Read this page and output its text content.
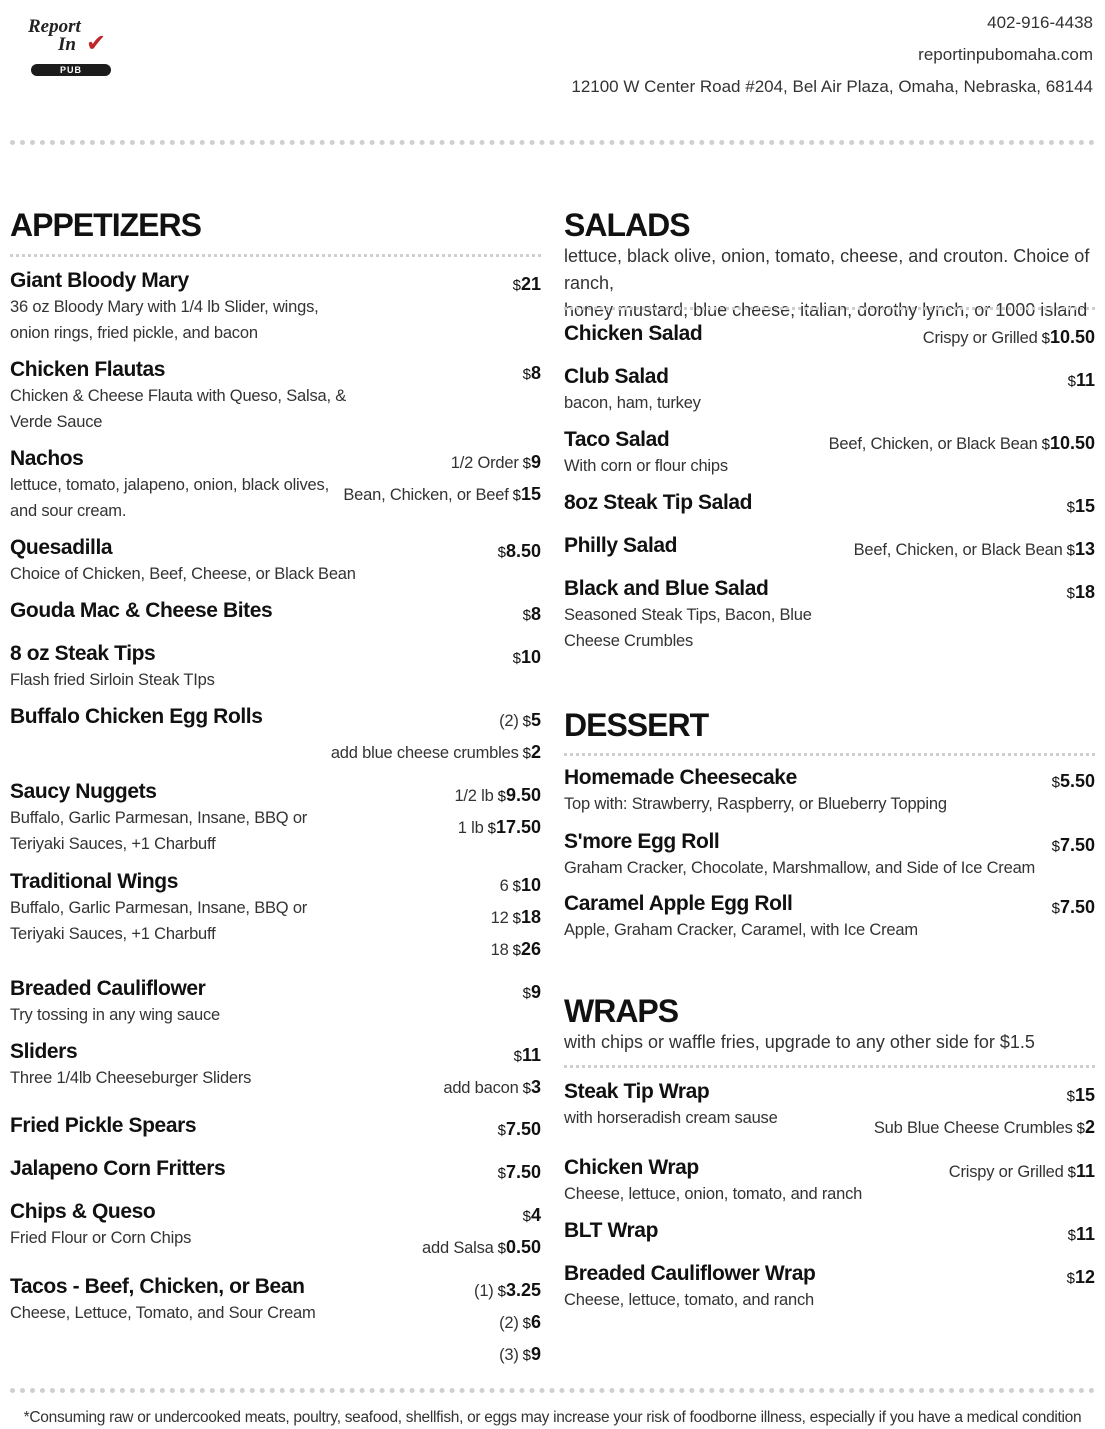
Report
In ✔
PUB
402-916-4438
reportinpubomaha.com
12100 W Center Road #204, Bel Air Plaza, Omaha, Nebraska, 68144
APPETIZERS
Giant Bloody Mary
36 oz Bloody Mary with 1/4 lb Slider, wings,
onion rings, fried pickle, and bacon
$21
Chicken Flautas
Chicken & Cheese Flauta with Queso, Salsa, &
Verde Sauce
$8
Nachos
lettuce, tomato, jalapeno, onion, black olives,
and sour cream.
1/2 Order $9
Bean, Chicken, or Beef $15
Quesadilla
Choice of Chicken, Beef, Cheese, or Black Bean
$8.50
Gouda Mac & Cheese Bites	$8
8 oz Steak Tips
Flash fried Sirloin Steak TIps
$10
Buffalo Chicken Egg Rolls	(2) $5
add blue cheese crumbles $2
Saucy Nuggets
Buffalo, Garlic Parmesan, Insane, BBQ or
Teriyaki Sauces, +1 Charbuff
1/2 lb $9.50
1 lb $17.50
Traditional Wings
Buffalo, Garlic Parmesan, Insane, BBQ or
Teriyaki Sauces, +1 Charbuff
6 $10
12 $18
18 $26
Breaded Cauliflower
Try tossing in any wing sauce
$9
Sliders
Three 1/4lb Cheeseburger Sliders
$11
add bacon $3
Fried Pickle Spears	$7.50
Jalapeno Corn Fritters	$7.50
Chips & Queso
Fried Flour or Corn Chips
$4
add Salsa $0.50
Tacos - Beef, Chicken, or Bean
Cheese, Lettuce, Tomato, and Sour Cream
(1) $3.25
(2) $6
(3) $9
SALADS
lettuce, black olive, onion, tomato, cheese, and crouton. Choice of ranch,
honey mustard, blue cheese, italian, dorothy lynch, or 1000 island
Chicken Salad	Crispy or Grilled $10.50
Club Salad
bacon, ham, turkey
$11
Taco Salad
With corn or flour chips
Beef, Chicken, or Black Bean $10.50
8oz Steak Tip Salad	$15
Philly Salad	Beef, Chicken, or Black Bean $13
Black and Blue Salad
Seasoned Steak Tips, Bacon, Blue
Cheese Crumbles
$18
DESSERT
Homemade Cheesecake
Top with: Strawberry, Raspberry, or Blueberry Topping
$5.50
S'more Egg Roll
Graham Cracker, Chocolate, Marshmallow, and Side of Ice Cream
$7.50
Caramel Apple Egg Roll
Apple, Graham Cracker, Caramel, with Ice Cream
$7.50
WRAPS
with chips or waffle fries, upgrade to any other side for $1.5
Steak Tip Wrap
with horseradish cream sause
$15
Sub Blue Cheese Crumbles $2
Chicken Wrap
Cheese, lettuce, onion, tomato, and ranch
Crispy or Grilled $11
BLT Wrap	$11
Breaded Cauliflower Wrap
Cheese, lettuce, tomato, and ranch
$12
*Consuming raw or undercooked meats, poultry, seafood, shellfish, or eggs may increase your risk of foodborne illness, especially if you have a medical condition
